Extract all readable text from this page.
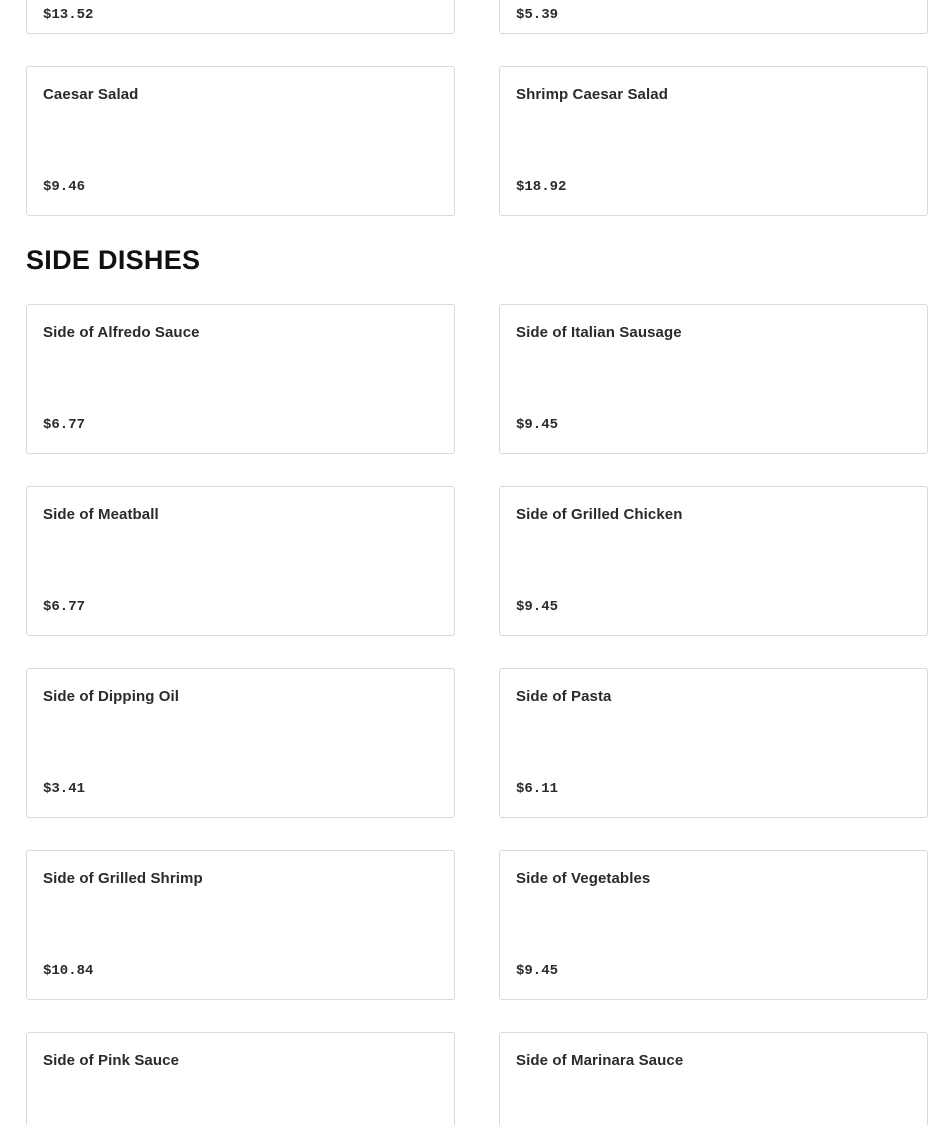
$13.52	$5.39
Caesar Salad
$9.46
Shrimp Caesar Salad
$18.92
SIDE DISHES
Side of Alfredo Sauce
$6.77
Side of Italian Sausage
$9.45
Side of Meatball
$6.77
Side of Grilled Chicken
$9.45
Side of Dipping Oil
$3.41
Side of Pasta
$6.11
Side of Grilled Shrimp
$10.84
Side of Vegetables
$9.45
Side of Pink Sauce	Side of Marinara Sauce
